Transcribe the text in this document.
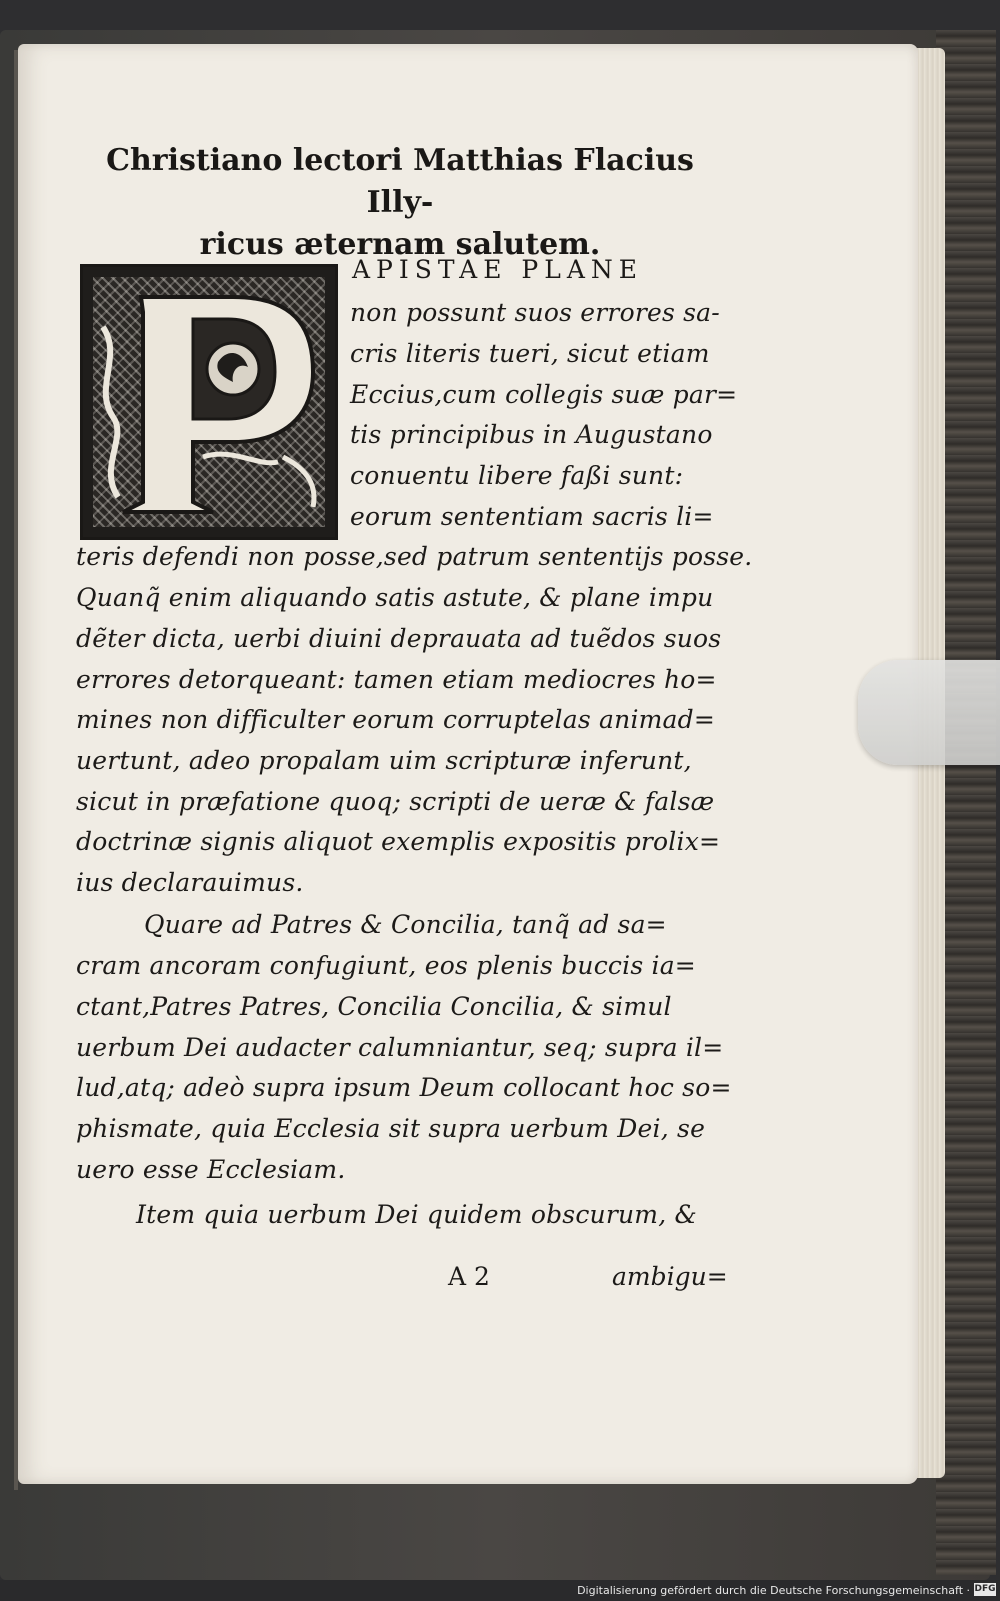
Christiano lectori Matthias Flacius Illy-
ricus æternam salutem.

APISTAE PLANE

non possunt suos errores sa-

cris literis tueri, sicut etiam

Eccius,cum collegis suæ par=

tis principibus in Augustano

conuentu libere faßi sunt:

eorum sententiam sacris li=

teris defendi non posse,sed patrum sententijs posse.

Quanq̃ enim aliquando satis astute, & plane impu

dẽter dicta, uerbi diuini deprauata ad tuẽdos suos

errores detorqueant: tamen etiam mediocres ho=

mines non difficulter eorum corruptelas animad=

uertunt, adeo propalam uim scripturæ inferunt,

sicut in præfatione quoq; scripti de ueræ & falsæ

doctrinæ signis aliquot exemplis expositis prolix=

ius declarauimus.

Quare ad Patres & Concilia, tanq̃ ad sa=

cram ancoram confugiunt, eos plenis buccis ia=

ctant,Patres Patres, Concilia Concilia, & simul

uerbum Dei audacter calumniantur, seq; supra il=

lud,atq; adeò supra ipsum Deum collocant hoc so=

phismate, quia Ecclesia sit supra uerbum Dei, se

uero esse Ecclesiam.

Item quia uerbum Dei quidem obscurum, &

A 2	ambigu=
Digitalisierung gefördert durch die Deutsche Forschungsgemeinschaft · DFG
